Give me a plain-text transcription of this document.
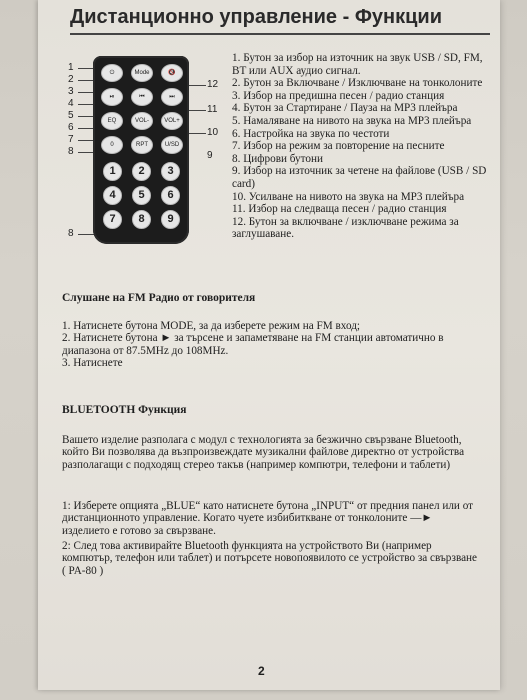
Дистанционно управление - Функции
1
2
3
4
5
6
7
8
8
12
11
10
9
⏻	Mode	🔇
⏯	⏮	⏭
EQ	VOL-	VOL+
0	RPT	U/SD
1	2	3
4	5	6
7	8	9

1. Бутон за избор на източник на звук USB / SD, FM, BT или AUX аудио сигнал.

2. Бутон за Включване / Изключване на тонколоните

3. Избор на предишна песен / радио станция

4. Бутон за Стартиране / Пауза на MP3 плейъра

5. Намаляване на нивото на звука на MP3 плейъра

6. Настройка на звука по честоти

7. Избор на режим за повторение на песните

8. Цифрови бутони

9. Избор на източник за четене на файлове (USB / SD card)

10. Усилване на нивото на звука на MP3 плейъра

11. Избор на следваща песен / радио станция

12. Бутон за включване / изключване режима за заглушаване.

Слушане на FM Радио от говорителя

1. Натиснете бутона MODE, за да изберете режим на FM вход;

2. Натиснете бутона ► за търсене и запаметяване на FM станции автоматично в диапазона от 87.5MHz до 108MHz.

3. Натиснете

BLUETOOTH Функция
Вашето изделие разполага с модул с технологията за безжично свързване Bluetooth, който Ви позволява да възпроизвеждате музикални файлове директно от устройства разполагащи с подходящ стерео такъв (например компютри, телефони и таблети)
1: Изберете опцията „BLUE“ като натиснете бутона „INPUT“ от предния панел или от дистанционното управление. Когато чуете избибиткване от тонколоните —► изделието е готово за свързване.
2: След това активирайте Bluetooth функцията на устройството Ви (например компютър, телефон или таблет) и потърсете новопоявилото се устройство за свързване ( PA-80 )
2
